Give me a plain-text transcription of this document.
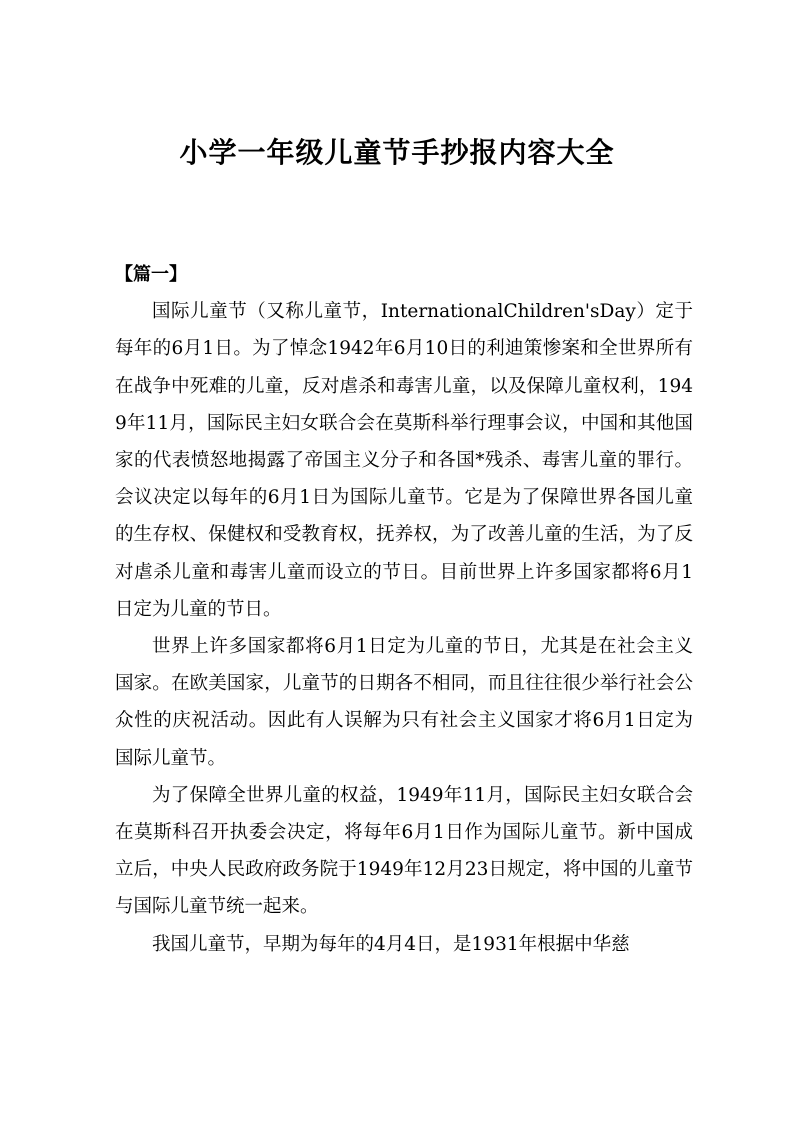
小学一年级儿童节手抄报内容大全

【篇一】

国际儿童节（又称儿童节，InternationalChildren'sDay）定于每年的6月1日。为了悼念1942年6月10日的利迪策惨案和全世界所有在战争中死难的儿童，反对虐杀和毒害儿童，以及保障儿童权利，1949年11月，国际民主妇女联合会在莫斯科举行理事会议，中国和其他国家的代表愤怒地揭露了帝国主义分子和各国*残杀、毒害儿童的罪行。会议决定以每年的6月1日为国际儿童节。它是为了保障世界各国儿童的生存权、保健权和受教育权，抚养权，为了改善儿童的生活，为了反对虐杀儿童和毒害儿童而设立的节日。目前世界上许多国家都将6月1日定为儿童的节日。

世界上许多国家都将6月1日定为儿童的节日，尤其是在社会主义国家。在欧美国家，儿童节的日期各不相同，而且往往很少举行社会公众性的庆祝活动。因此有人误解为只有社会主义国家才将6月1日定为国际儿童节。

为了保障全世界儿童的权益，1949年11月，国际民主妇女联合会在莫斯科召开执委会决定，将每年6月1日作为国际儿童节。新中国成立后，中央人民政府政务院于1949年12月23日规定，将中国的儿童节与国际儿童节统一起来。

我国儿童节，早期为每年的4月4日，是1931年根据中华慈
